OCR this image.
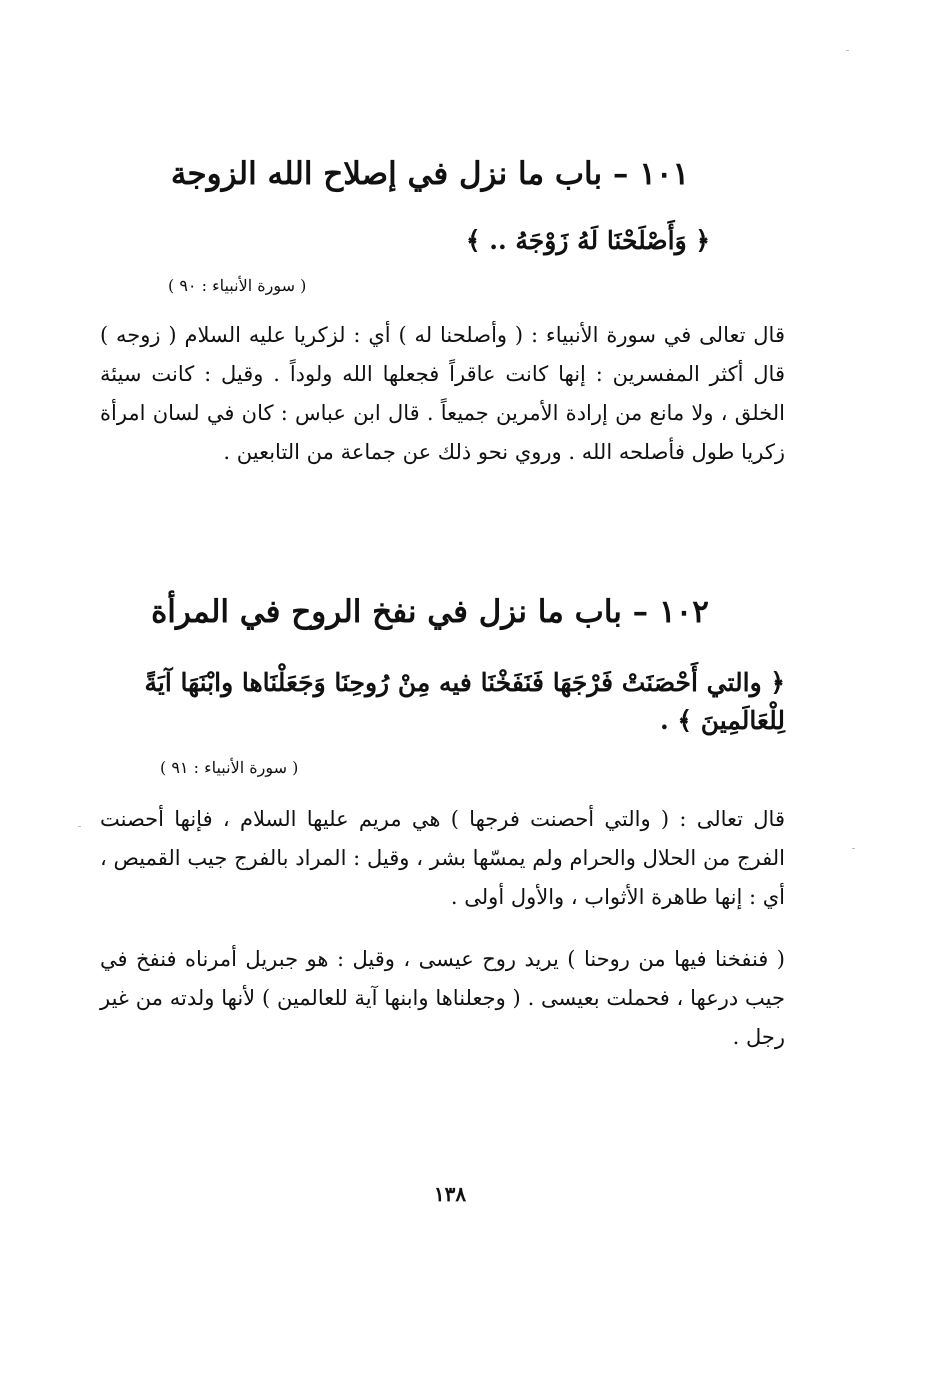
١٠١ – باب ما نزل في إصلاح الله الزوجة
﴿ وَأَصْلَحْنَا لَهُ زَوْجَهُ .. ﴾
( سورة الأنبياء : ٩٠ )
قال تعالى في سورة الأنبياء : ( وأصلحنا له ) أي : لزكريا عليه السلام ( زوجه ) قال أكثر المفسرين : إنها كانت عاقراً فجعلها الله ولوداً . وقيل : كانت سيئة الخلق ، ولا مانع من إرادة الأمرين جميعاً . قال ابن عباس : كان في لسان امرأة زكريا طول فأصلحه الله . وروي نحو ذلك عن جماعة من التابعين .
١٠٢ – باب ما نزل في نفخ الروح في المرأة
﴿ والتي أَحْصَنَتْ فَرْجَهَا فَنَفَخْنَا فيه مِنْ رُوحِنَا وَجَعَلْنَاها وابْنَهَا آيَةً لِلْعَالَمِينَ ﴾ .
( سورة الأنبياء : ٩١ )
قال تعالى : ( والتي أحصنت فرجها ) هي مريم عليها السلام ، فإنها أحصنت الفرج من الحلال والحرام ولم يمسّها بشر ، وقيل : المراد بالفرج جيب القميص ، أي : إنها طاهرة الأثواب ، والأول أولى .
( فنفخنا فيها من روحنا ) يريد روح عيسى ، وقيل : هو جبريل أمرناه فنفخ في جيب درعها ، فحملت بعيسى . ( وجعلناها وابنها آية للعالمين ) لأنها ولدته من غير رجل .
١٣٨
